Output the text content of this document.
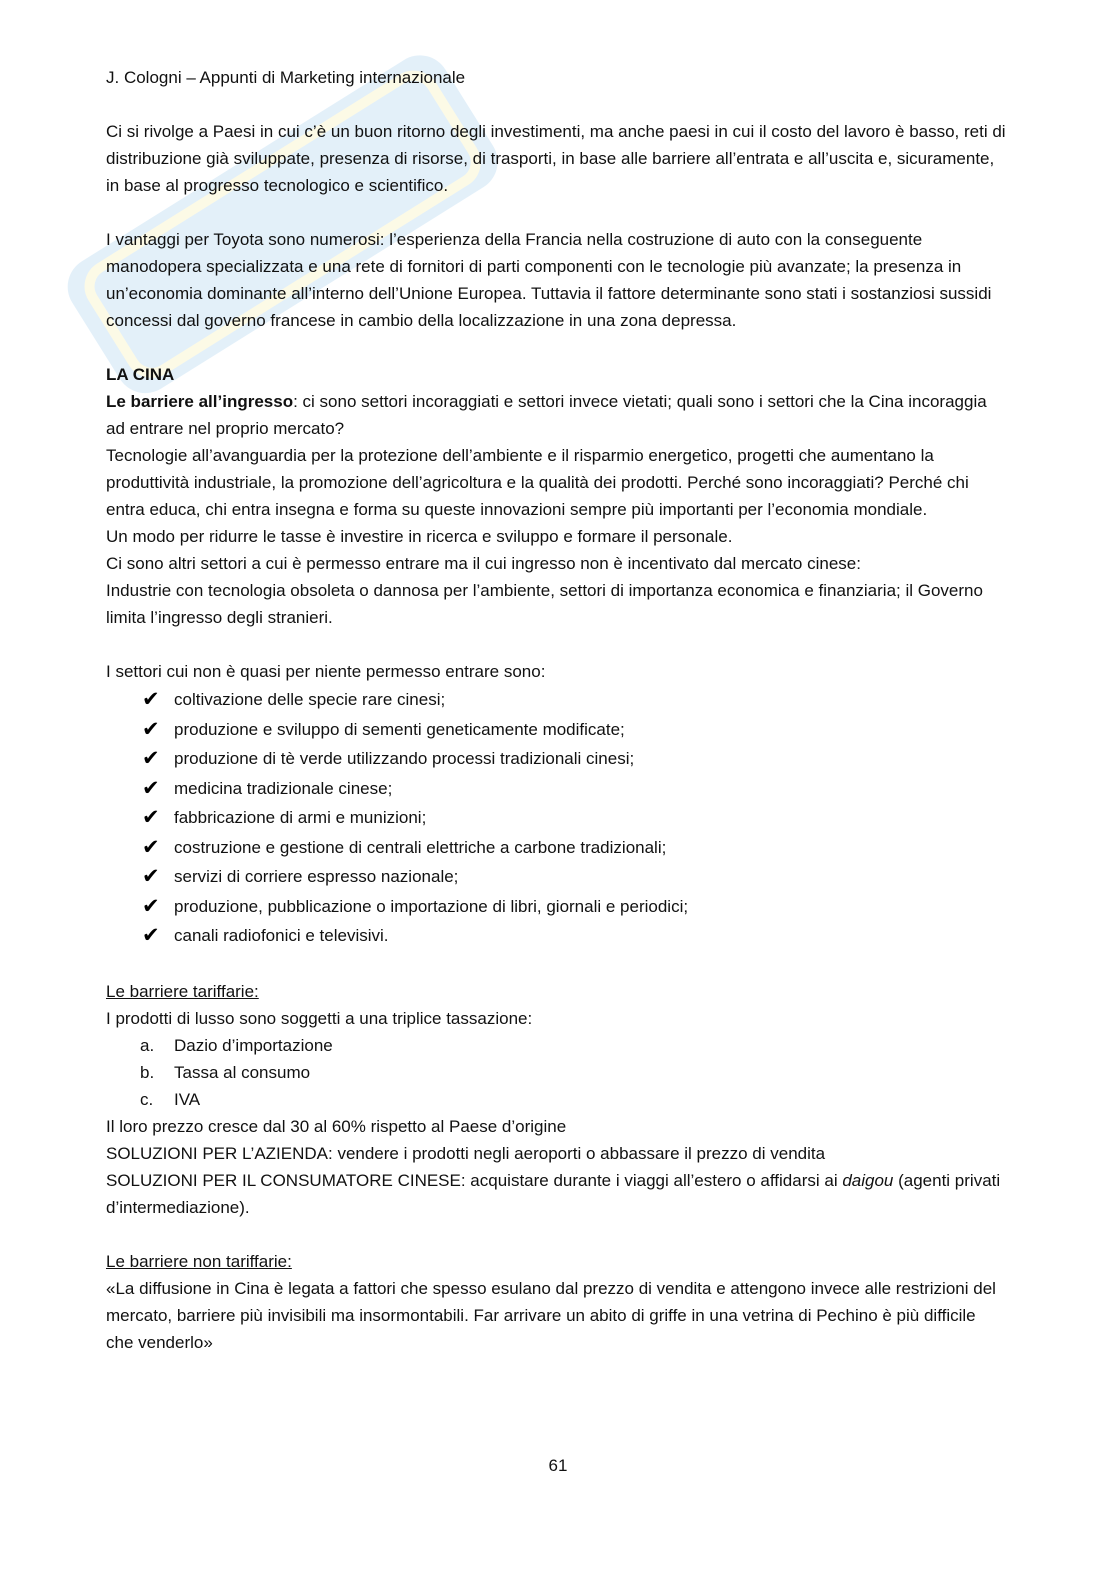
J. Cologni – Appunti di Marketing internazionale

Ci si rivolge a Paesi in cui c’è un buon ritorno degli investimenti, ma anche paesi in cui il costo del lavoro è basso, reti di distribuzione già sviluppate, presenza di risorse, di trasporti, in base alle barriere all’entrata e all’uscita e, sicuramente, in base al progresso tecnologico e scientifico.

I vantaggi per Toyota sono numerosi: l’esperienza della Francia nella costruzione di auto con la conseguente manodopera specializzata e una rete di fornitori di parti componenti con le tecnologie più avanzate; la presenza in un’economia dominante all’interno dell’Unione Europea. Tuttavia il fattore determinante sono stati i sostanziosi sussidi concessi dal governo francese in cambio della localizzazione in una zona depressa.

LA CINA
Le barriere all’ingresso: ci sono settori incoraggiati e settori invece vietati; quali sono i settori che la Cina incoraggia ad entrare nel proprio mercato?
Tecnologie all’avanguardia per la protezione dell’ambiente e il risparmio energetico, progetti che aumentano la produttività industriale, la promozione dell’agricoltura e la qualità dei prodotti. Perché sono incoraggiati? Perché chi entra educa, chi entra insegna e forma su queste innovazioni sempre più importanti per l’economia mondiale.
Un modo per ridurre le tasse è investire in ricerca e sviluppo e formare il personale.
Ci sono altri settori a cui è permesso entrare ma il cui ingresso non è incentivato dal mercato cinese:

Industrie con tecnologia obsoleta o dannosa per l’ambiente, settori di importanza economica e finanziaria; il Governo limita l’ingresso degli stranieri.

I settori cui non è quasi per niente permesso entrare sono:
✔ coltivazione delle specie rare cinesi;
✔ produzione e sviluppo di sementi geneticamente modificate;
✔ produzione di tè verde utilizzando processi tradizionali cinesi;
✔ medicina tradizionale cinese;
✔ fabbricazione di armi e munizioni;
✔ costruzione e gestione di centrali elettriche a carbone tradizionali;
✔ servizi di corriere espresso nazionale;
✔ produzione, pubblicazione o importazione di libri, giornali e periodici;
✔ canali radiofonici e televisivi.
Le barriere tariffarie:
I prodotti di lusso sono soggetti a una triplice tassazione:
a. Dazio d’importazione
b. Tassa al consumo
c. IVA
Il loro prezzo cresce dal 30 al 60% rispetto al Paese d’origine
SOLUZIONI PER L’AZIENDA: vendere i prodotti negli aeroporti o abbassare il prezzo di vendita

SOLUZIONI PER IL CONSUMATORE CINESE: acquistare durante i viaggi all’estero o affidarsi ai daigou (agenti privati d’intermediazione).

Le barriere non tariffarie:
«La diffusione in Cina è legata a fattori che spesso esulano dal prezzo di vendita e attengono invece alle restrizioni del mercato, barriere più invisibili ma insormontabili. Far arrivare un abito di griffe in una vetrina di Pechino è più difficile che venderlo»
61
